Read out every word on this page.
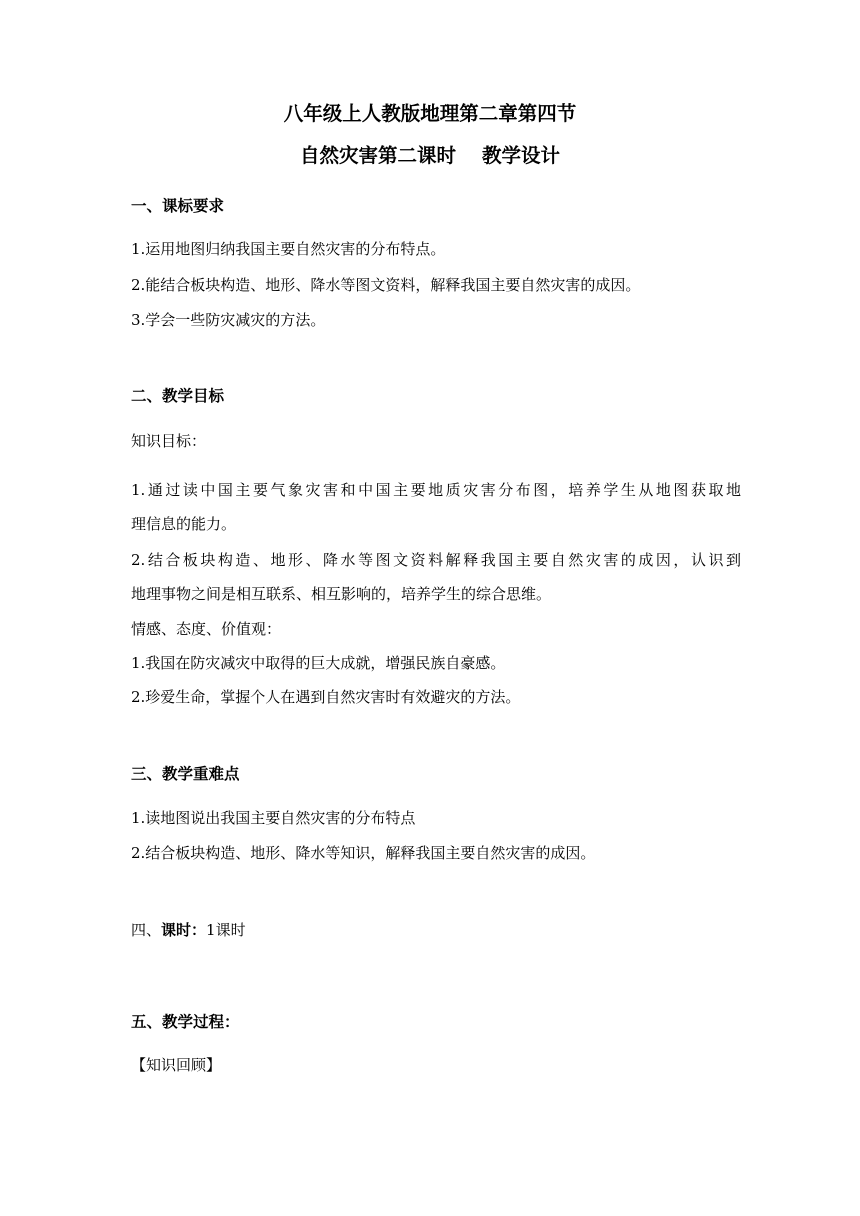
八年级上人教版地理第二章第四节
自然灾害第二课时 教学设计
一、课标要求
1.运用地图归纳我国主要自然灾害的分布特点。
2.能结合板块构造、地形、降水等图文资料，解释我国主要自然灾害的成因。
3.学会一些防灾减灾的方法。
二、教学目标
知识目标：
1.通过读中国主要气象灾害和中国主要地质灾害分布图，培养学生从地图获取地
理信息的能力。
2.结合板块构造、地形、降水等图文资料解释我国主要自然灾害的成因，认识到
地理事物之间是相互联系、相互影响的，培养学生的综合思维。
情感、态度、价值观：
1.我国在防灾减灾中取得的巨大成就，增强民族自豪感。
2.珍爱生命，掌握个人在遇到自然灾害时有效避灾的方法。
三、教学重难点
1.读地图说出我国主要自然灾害的分布特点
2.结合板块构造、地形、降水等知识，解释我国主要自然灾害的成因。
四、课时：1课时
五、教学过程：
【知识回顾】
